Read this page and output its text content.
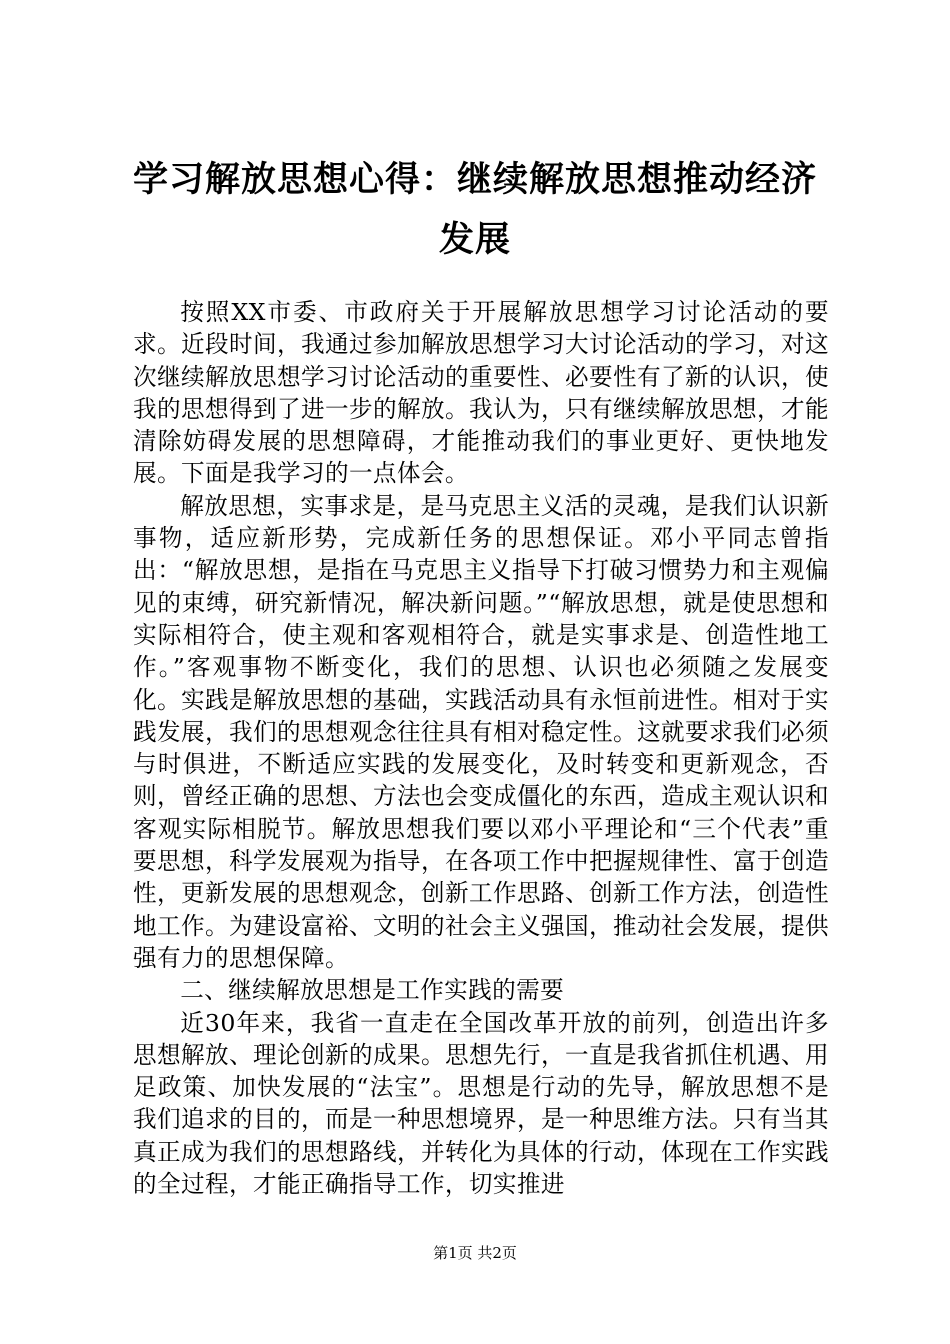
学习解放思想心得：继续解放思想推动经济发展

按照XX市委、市政府关于开展解放思想学习讨论活动的要求。近段时间，我通过参加解放思想学习大讨论活动的学习，对这次继续解放思想学习讨论活动的重要性、必要性有了新的认识，使我的思想得到了进一步的解放。我认为，只有继续解放思想，才能清除妨碍发展的思想障碍，才能推动我们的事业更好、更快地发展。下面是我学习的一点体会。

解放思想，实事求是，是马克思主义活的灵魂，是我们认识新事物，适应新形势，完成新任务的思想保证。邓小平同志曾指出：“解放思想，是指在马克思主义指导下打破习惯势力和主观偏见的束缚，研究新情况，解决新问题。”“解放思想，就是使思想和实际相符合，使主观和客观相符合，就是实事求是、创造性地工作。”客观事物不断变化，我们的思想、认识也必须随之发展变化。实践是解放思想的基础，实践活动具有永恒前进性。相对于实践发展，我们的思想观念往往具有相对稳定性。这就要求我们必须与时俱进，不断适应实践的发展变化，及时转变和更新观念，否则，曾经正确的思想、方法也会变成僵化的东西，造成主观认识和客观实际相脱节。解放思想我们要以邓小平理论和“三个代表”重要思想，科学发展观为指导，在各项工作中把握规律性、富于创造性，更新发展的思想观念，创新工作思路、创新工作方法，创造性地工作。为建设富裕、文明的社会主义强国，推动社会发展，提供强有力的思想保障。

二、继续解放思想是工作实践的需要

近30年来，我省一直走在全国改革开放的前列，创造出许多思想解放、理论创新的成果。思想先行，一直是我省抓住机遇、用足政策、加快发展的“法宝”。思想是行动的先导，解放思想不是我们追求的目的，而是一种思想境界，是一种思维方法。只有当其真正成为我们的思想路线，并转化为具体的行动，体现在工作实践的全过程，才能正确指导工作，切实推进

第1页 共2页
